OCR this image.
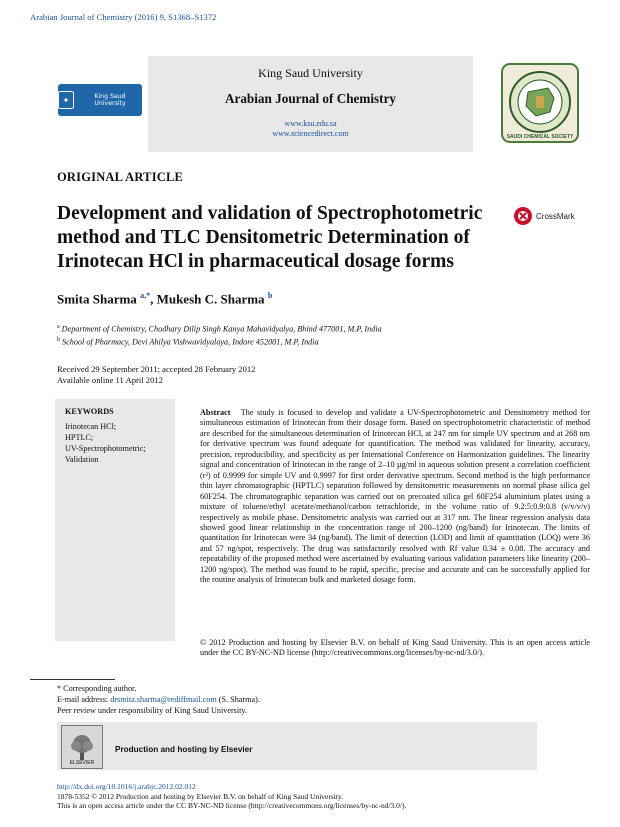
Arabian Journal of Chemistry (2016) 9, S1368–S1372
✦	King Saud University
King Saud University
Arabian Journal of Chemistry
www.ksu.edu.sa
www.sciencedirect.com	SAUDI CHEMICAL SOCIETY
ORIGINAL ARTICLE
Development and validation of Spectrophotometric method and TLC Densitometric Determination of Irinotecan HCl in pharmaceutical dosage forms
CrossMark
Smita Sharma $^{a,*}$, Mukesh C. Sharma $^b$
$^a$ Department of Chemistry, Chodhary Dilip Singh Kanya Mahavidyalya, Bhind 477001, M.P, India
$^b$ School of Pharmacy, Devi Ahilya Vishwavidyalaya, Indore 452001, M.P, India
Received 29 September 2011; accepted 28 February 2012
Available online 11 April 2012
KEYWORDS
Irinotecan HCl;
HPTLC;
UV-Spectrophotometric;
Validation
Abstract The study is focused to develop and validate a UV-Spectrophotometric and Densitometry method for simultaneous estimation of Irinotecan from their dosage form. Based on spectrophotometric characteristic of method are described for the simultaneous determination of Irinotecan HCl, at 247 nm for simple UV spectrum and at 268 nm for derivative spectrum was found adequate for quantification. The method was validated for linearity, accuracy, precision, reproducibility, and specificity as per International Conference on Harmonization guidelines. The linearity signal and concentration of Irinotecan in the range of 2–10 µg/ml in aqueous solution present a correlation coefficient (r²) of 0.9999 for simple UV and 0.9997 for first order derivative spectrum. Second method is the high performance thin layer chromatographic (HPTLC) separation followed by densitometric measurements on normal phase silica gel 60F254. The chromatographic separation was carried out on precoated silica gel 60F254 aluminium plates using a mixture of toluene/ethyl acetate/methanol/carbon tetrachloride, in the volume ratio of 9.2:5:0.9:0.8 (v/v/v/v) respectively as mobile phase. Densitometric analysis was carried out at 317 nm. The linear regression analysis data showed good linear relationship in the concentration range of 200–1200 (ng/band) for Irinotecan. The limits of quantitation for Irinotecan were 34 (ng/band). The limit of detection (LOD) and limit of quantitation (LOQ) were 36 and 57 ng/spot, respectively. The drug was satisfactorily resolved with Rf value 0.34 ± 0.08. The accuracy and repeatability of the proposed method were ascertained by evaluating various validation parameters like linearity (200–1200 ng/spot). The method was found to be rapid, specific, precise and accurate and can be successfully applied for the routine analysis of Irinotecan bulk and marketed dosage form.
© 2012 Production and hosting by Elsevier B.V. on behalf of King Saud University. This is an open access article under the CC BY-NC-ND license (http://creativecommons.org/licenses/by-nc-nd/3.0/).
* Corresponding author.
E-mail address: drsmita.sharma@rediffmail.com (S. Sharma).
Peer review under responsibility of King Saud University.
ELSEVIER
Production and hosting by Elsevier
http://dx.doi.org/10.1016/j.arabjc.2012.02.012
1878-5352 © 2012 Production and hosting by Elsevier B.V. on behalf of King Saud University.
This is an open access article under the CC BY-NC-ND license (http://creativecommons.org/licenses/by-nc-nd/3.0/).
